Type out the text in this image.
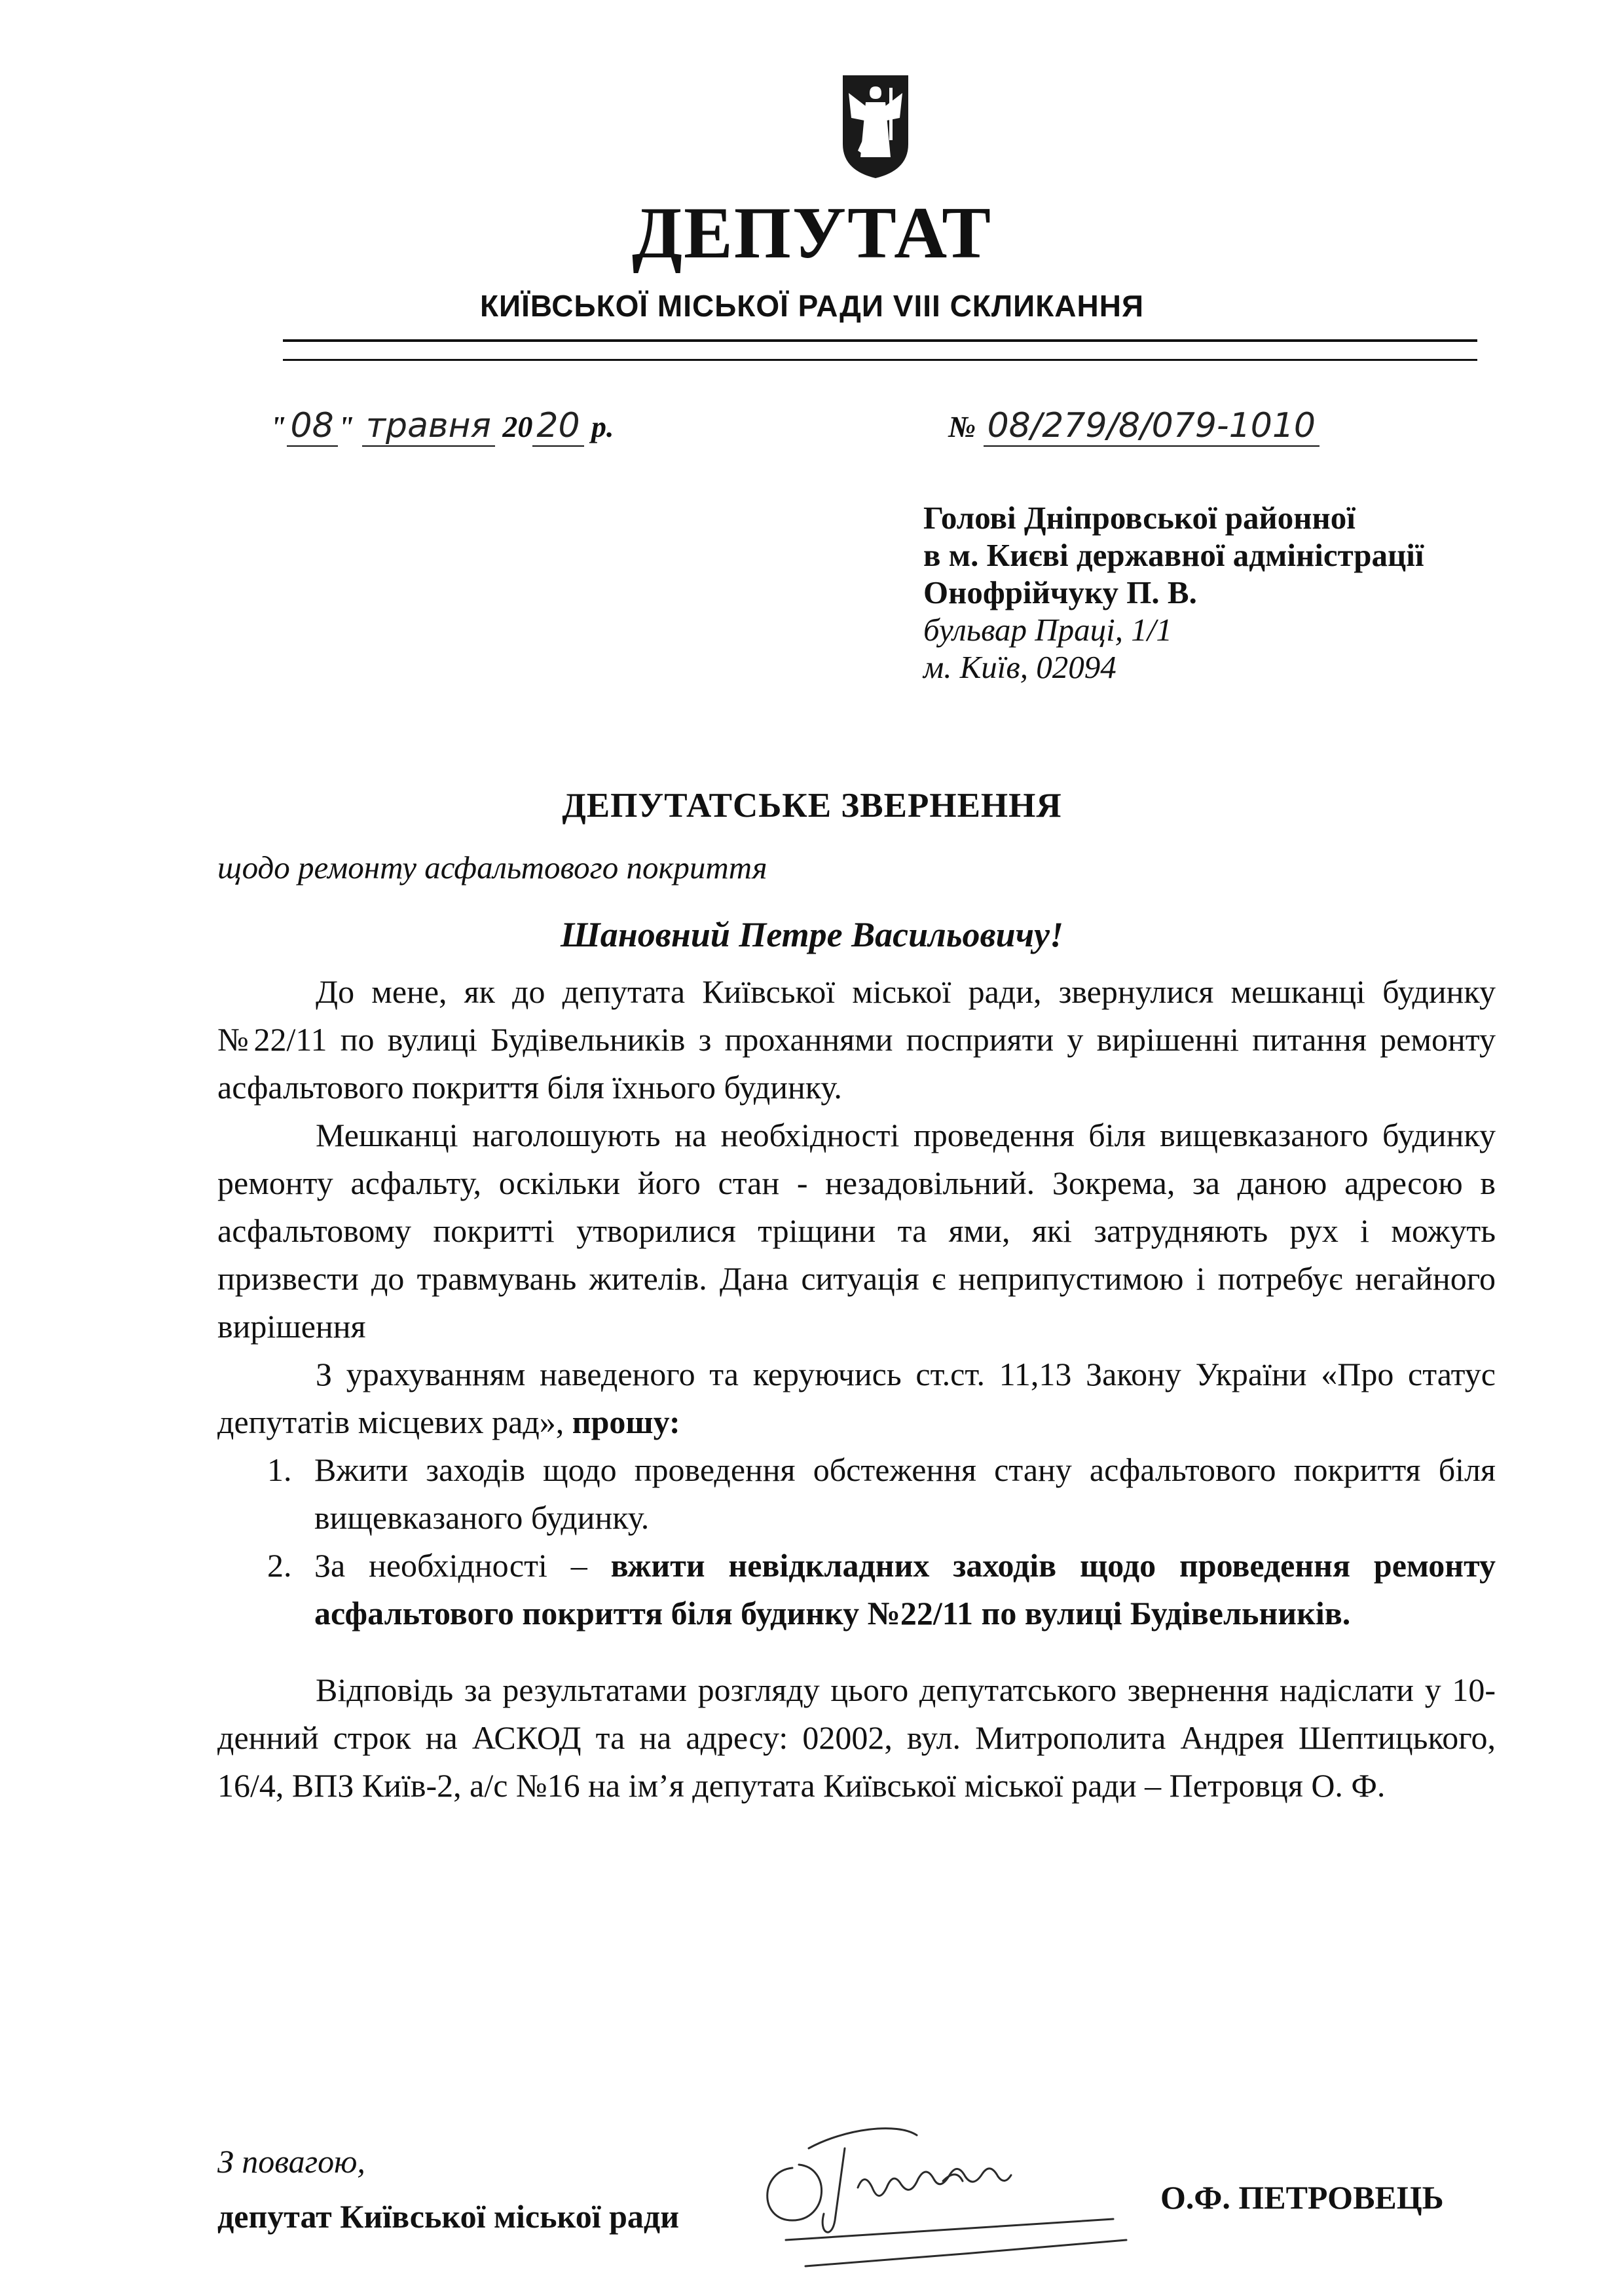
ДЕПУТАТ
КИЇВСЬКОЇ МІСЬКОЇ РАДИ VIII СКЛИКАННЯ
" 08 " травня 20 20 р.	№ 08/279/8/079-1010
Голові Дніпровської районної
в м. Києві державної адміністрації
Онофрійчуку П. В.
бульвар Праці, 1/1
м. Київ, 02094
ДЕПУТАТСЬКЕ ЗВЕРНЕННЯ
щодо ремонту асфальтового покриття
Шановний Петре Васильовичу!

До мене, як до депутата Київської міської ради, звернулися мешканці будинку №22/11 по вулиці Будівельників з проханнями посприяти у вирішенні питання ремонту асфальтового покриття біля їхнього будинку.

Мешканці наголошують на необхідності проведення біля вищевказаного будинку ремонту асфальту, оскільки його стан - незадовільний. Зокрема, за даною адресою в асфальтовому покритті утворилися тріщини та ями, які затрудняють рух і можуть призвести до травмувань жителів. Дана ситуація є неприпустимою і потребує негайного вирішення

З урахуванням наведеного та керуючись ст.ст. 11,13 Закону України «Про статус депутатів місцевих рад», прошу:

1. Вжити заходів щодо проведення обстеження стану асфальтового покриття біля вищевказаного будинку.
2. За необхідності – вжити невідкладних заходів щодо проведення ремонту асфальтового покриття біля будинку №22/11 по вулиці Будівельників.

Відповідь за результатами розгляду цього депутатського звернення надіслати у 10-денний строк на АСКОД та на адресу: 02002, вул. Митрополита Андрея Шептицького, 16/4, ВПЗ Київ-2, а/с №16 на ім’я депутата Київської міської ради – Петровця О. Ф.

З повагою,
депутат Київської міської ради
О.Ф. ПЕТРОВЕЦЬ
